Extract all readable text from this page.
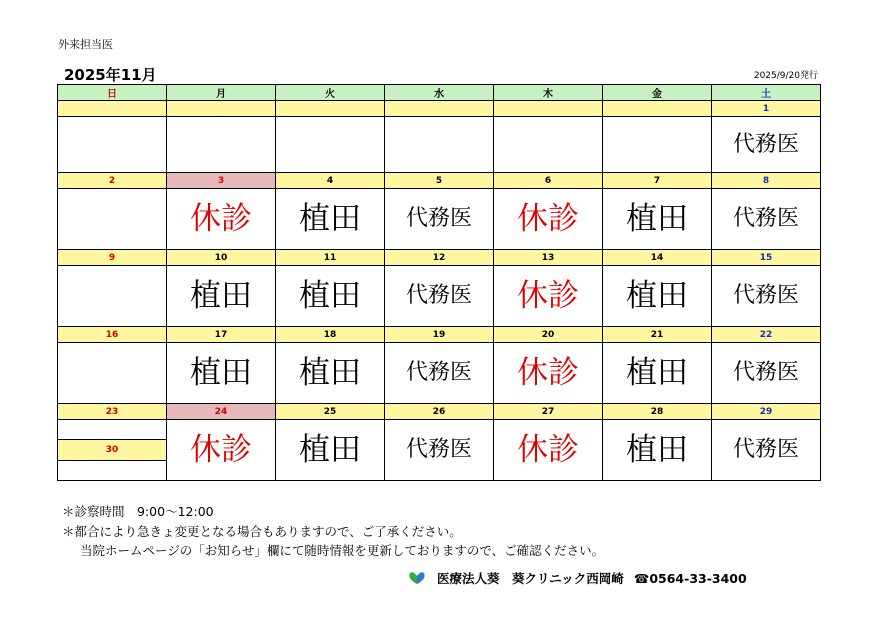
外来担当医
2025年11月	2025/9/20発行
日	月	火	水	木	金	土
						1
						代務医
2	3	4	5	6	7	8
	休診	植田	代務医	休診	植田	代務医
9	10	11	12	13	14	15
	植田	植田	代務医	休診	植田	代務医
16	17	18	19	20	21	22
	植田	植田	代務医	休診	植田	代務医
23	24	25	26	27	28	29

30	休診	植田	代務医	休診	植田	代務医
＊診察時間　9:00～12:00
＊都合により急きょ変更となる場合もありますので、ご了承ください。
当院ホームページの「お知らせ」欄にて随時情報を更新しておりますので、ご確認ください。
医療法人葵　葵クリニック西岡崎 ☎0564-33-3400
